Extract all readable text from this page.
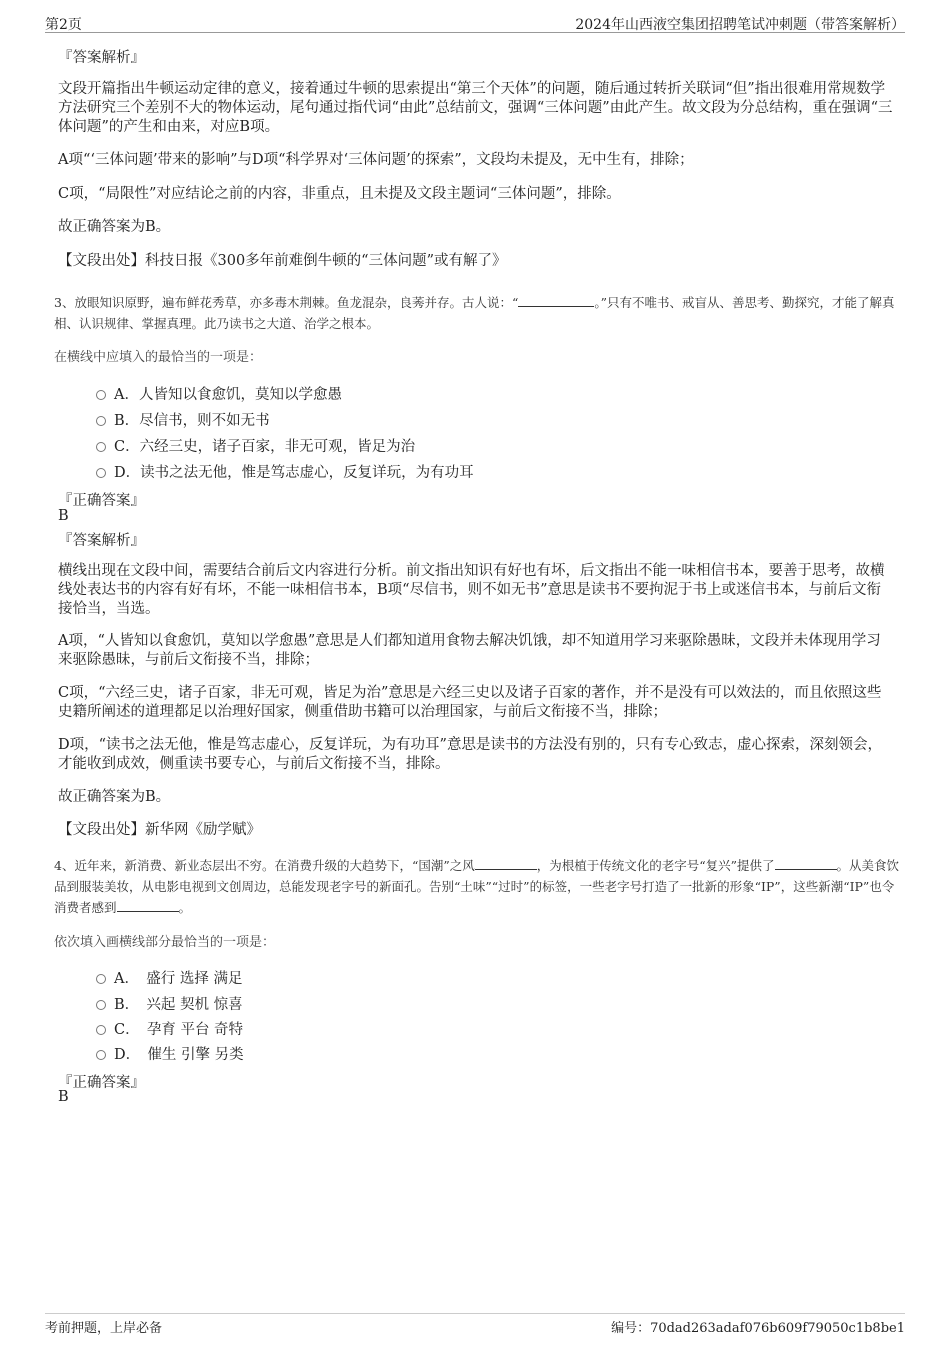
第2页	2024年山西液空集团招聘笔试冲刺题（带答案解析）
『答案解析』
文段开篇指出牛顿运动定律的意义，接着通过牛顿的思索提出“第三个天体”的问题，随后通过转折关联词“但”指出很难用常规数学方法研究三个差别不大的物体运动，尾句通过指代词“由此”总结前文，强调“三体问题”由此产生。故文段为分总结构，重在强调“三体问题”的产生和由来，对应B项。
A项“‘三体问题’带来的影响”与D项“科学界对‘三体问题’的探索”，文段均未提及，无中生有，排除；
C项，“局限性”对应结论之前的内容，非重点，且未提及文段主题词“三体问题”，排除。
故正确答案为B。
【文段出处】科技日报《300多年前难倒牛顿的“三体问题”或有解了》
3、放眼知识原野，遍布鲜花秀草，亦多毒木荆棘。鱼龙混杂，良莠并存。古人说：“	。”只有不唯书、戒盲从、善思考、勤探究，才能了解真相、认识规律、掌握真理。此乃读书之大道、治学之根本。
在横线中应填入的最恰当的一项是：
A．人皆知以食愈饥，莫知以学愈愚
B．尽信书，则不如无书
C．六经三史，诸子百家，非无可观，皆足为治
D．读书之法无他，惟是笃志虚心，反复详玩，为有功耳
『正确答案』
B
『答案解析』
横线出现在文段中间，需要结合前后文内容进行分析。前文指出知识有好也有坏，后文指出不能一味相信书本，要善于思考，故横线处表达书的内容有好有坏，不能一味相信书本，B项“尽信书，则不如无书”意思是读书不要拘泥于书上或迷信书本，与前后文衔接恰当，当选。
A项，“人皆知以食愈饥，莫知以学愈愚”意思是人们都知道用食物去解决饥饿，却不知道用学习来驱除愚昧，文段并未体现用学习来驱除愚昧，与前后文衔接不当，排除；
C项，“六经三史，诸子百家，非无可观，皆足为治”意思是六经三史以及诸子百家的著作，并不是没有可以效法的，而且依照这些史籍所阐述的道理都足以治理好国家，侧重借助书籍可以治理国家，与前后文衔接不当，排除；
D项，“读书之法无他，惟是笃志虚心，反复详玩，为有功耳”意思是读书的方法没有别的，只有专心致志，虚心探索，深刻领会，才能收到成效，侧重读书要专心，与前后文衔接不当，排除。
故正确答案为B。
【文段出处】新华网《励学赋》
4、近年来，新消费、新业态层出不穷。在消费升级的大趋势下，“国潮”之风	，为根植于传统文化的老字号“复兴”提供了	。从美食饮品到服装美妆，从电影电视到文创周边，总能发现老字号的新面孔。告别“土味”“过时”的标签，一些老字号打造了一批新的形象“IP”，这些新潮“IP”也令消费者感到	。
依次填入画横线部分最恰当的一项是：
A．　盛行 选择 满足
B．　兴起 契机 惊喜
C．　孕育 平台 奇特
D．　催生 引擎 另类
『正确答案』
B
考前押题，上岸必备	编号：70dad263adaf076b609f79050c1b8be1
